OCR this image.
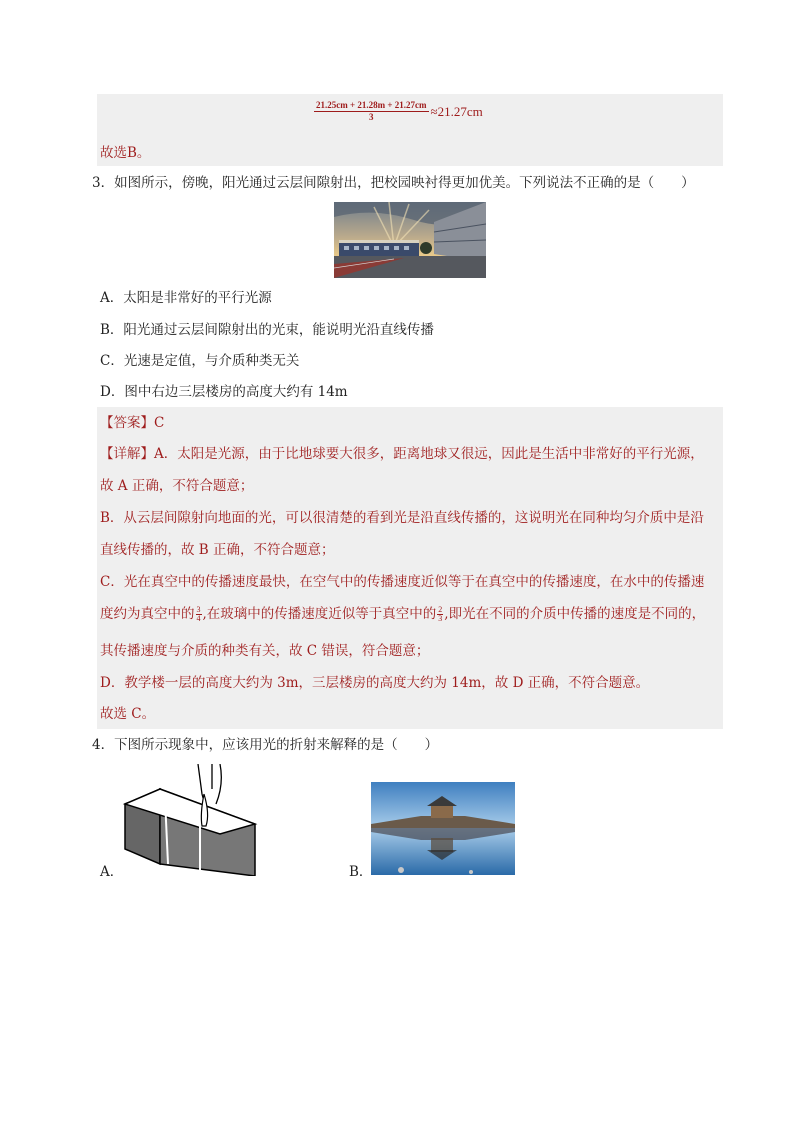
$\frac{21.25cm + 21.28m + 21.27cm}{3} \approx 21.27cm$
故选B。
3．如图所示，傍晚，阳光通过云层间隙射出，把校园映衬得更加优美。下列说法不正确的是（　　）
A．太阳是非常好的平行光源
B．阳光通过云层间隙射出的光束，能说明光沿直线传播
C．光速是定值，与介质种类无关
D．图中右边三层楼房的高度大约有 14m
【答案】C
【详解】A．太阳是光源，由于比地球要大很多，距离地球又很远，因此是生活中非常好的平行光源，
故 A 正确，不符合题意；
B．从云层间隙射向地面的光，可以很清楚的看到光是沿直线传播的，这说明光在同种均匀介质中是沿
直线传播的，故 B 正确，不符合题意；
C．光在真空中的传播速度最快，在空气中的传播速度近似等于在真空中的传播速度，在水中的传播速
度约为真空中的 $\frac{3}{4}$ ,在玻璃中的传播速度近似等于真空中的 $\frac{2}{3}$ ,即光在不同的介质中传播的速度是不同的，
其传播速度与介质的种类有关，故 C 错误，符合题意；
D．教学楼一层的高度大约为 3m，三层楼房的高度大约为 14m，故 D 正确，不符合题意。
故选 C。
4．下图所示现象中，应该用光的折射来解释的是（　　）
A．	B．
